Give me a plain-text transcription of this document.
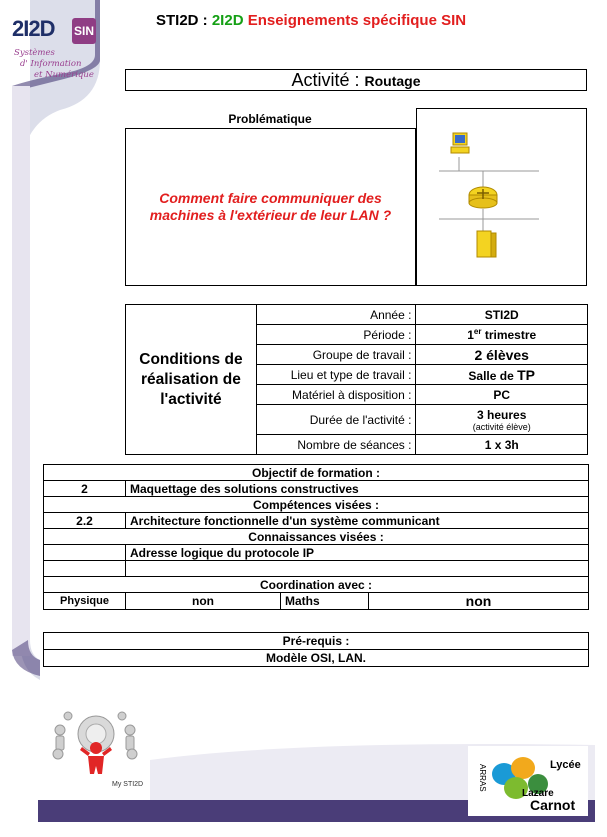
2I2D SIN
Systèmes
d' Information
et Numérique
STI2D : 2I2D Enseignements spécifique SIN
Activité : Routage
Problématique
Comment faire communiquer des machines à l'extérieur de leur LAN ?
Conditions de réalisation de l'activité	Année :	STI2D
	Période :	1er trimestre
	Groupe de travail :	2 élèves
	Lieu et type de travail :	Salle de TP
	Matériel à disposition :	PC
	Durée de l'activité :	3 heures
(activité élève)

	Nombre de séances :	1 x 3h
Objectif de formation :			
2	Maquettage des solutions constructives		
Compétences visées :			
2.2	Architecture fonctionnelle d'un système communicant		
Connaissances visées :			
	Adresse logique du protocole IP		

Coordination avec :			
Physique	non	Maths	non
Pré-requis :
Modèle OSI, LAN.
My STI2D	ARRAS	Lycée
Lazare
Carnot
